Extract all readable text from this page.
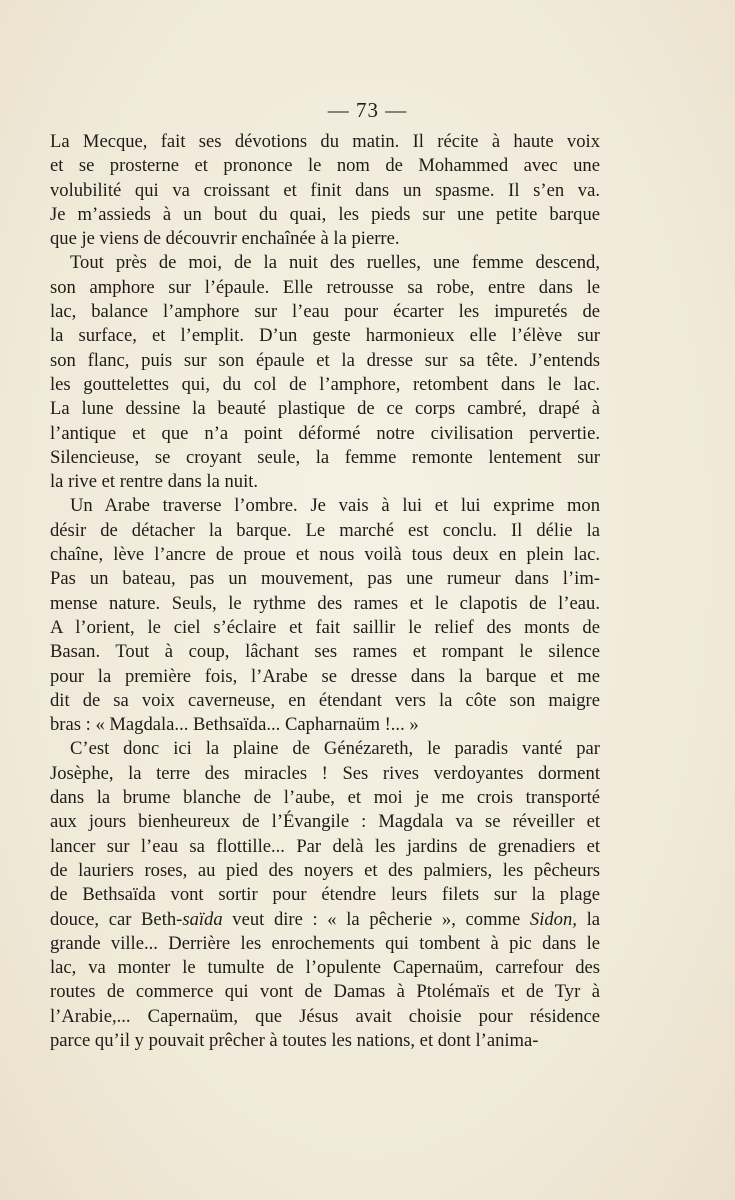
— 73 —
La Mecque, fait ses dévotions du matin. Il récite à haute voix
et se prosterne et prononce le nom de Mohammed avec une
volubilité qui va croissant et finit dans un spasme. Il s’en va.
Je m’assieds à un bout du quai, les pieds sur une petite barque
que je viens de découvrir enchaînée à la pierre.
Tout près de moi, de la nuit des ruelles, une femme descend,
son amphore sur l’épaule. Elle retrousse sa robe, entre dans le
lac, balance l’amphore sur l’eau pour écarter les impuretés de
la surface, et l’emplit. D’un geste harmonieux elle l’élève sur
son flanc, puis sur son épaule et la dresse sur sa tête. J’entends
les gouttelettes qui, du col de l’amphore, retombent dans le lac.
La lune dessine la beauté plastique de ce corps cambré, drapé à
l’antique et que n’a point déformé notre civilisation pervertie.
Silencieuse, se croyant seule, la femme remonte lentement sur
la rive et rentre dans la nuit.
Un Arabe traverse l’ombre. Je vais à lui et lui exprime mon
désir de détacher la barque. Le marché est conclu. Il délie la
chaîne, lève l’ancre de proue et nous voilà tous deux en plein lac.
Pas un bateau, pas un mouvement, pas une rumeur dans l’im-
mense nature. Seuls, le rythme des rames et le clapotis de l’eau.
A l’orient, le ciel s’éclaire et fait saillir le relief des monts de
Basan. Tout à coup, lâchant ses rames et rompant le silence
pour la première fois, l’Arabe se dresse dans la barque et me
dit de sa voix caverneuse, en étendant vers la côte son maigre
bras : « Magdala... Bethsaïda... Capharnaüm !... »
C’est donc ici la plaine de Génézareth, le paradis vanté par
Josèphe, la terre des miracles ! Ses rives verdoyantes dorment
dans la brume blanche de l’aube, et moi je me crois transporté
aux jours bienheureux de l’Évangile : Magdala va se réveiller et
lancer sur l’eau sa flottille... Par delà les jardins de grenadiers et
de lauriers roses, au pied des noyers et des palmiers, les pêcheurs
de Bethsaïda vont sortir pour étendre leurs filets sur la plage
douce, car Beth-saïda veut dire : « la pêcherie », comme Sidon, la
grande ville... Derrière les enrochements qui tombent à pic dans le
lac, va monter le tumulte de l’opulente Capernaüm, carrefour des
routes de commerce qui vont de Damas à Ptolémaïs et de Tyr à
l’Arabie,... Capernaüm, que Jésus avait choisie pour résidence
parce qu’il y pouvait prêcher à toutes les nations, et dont l’anima-
